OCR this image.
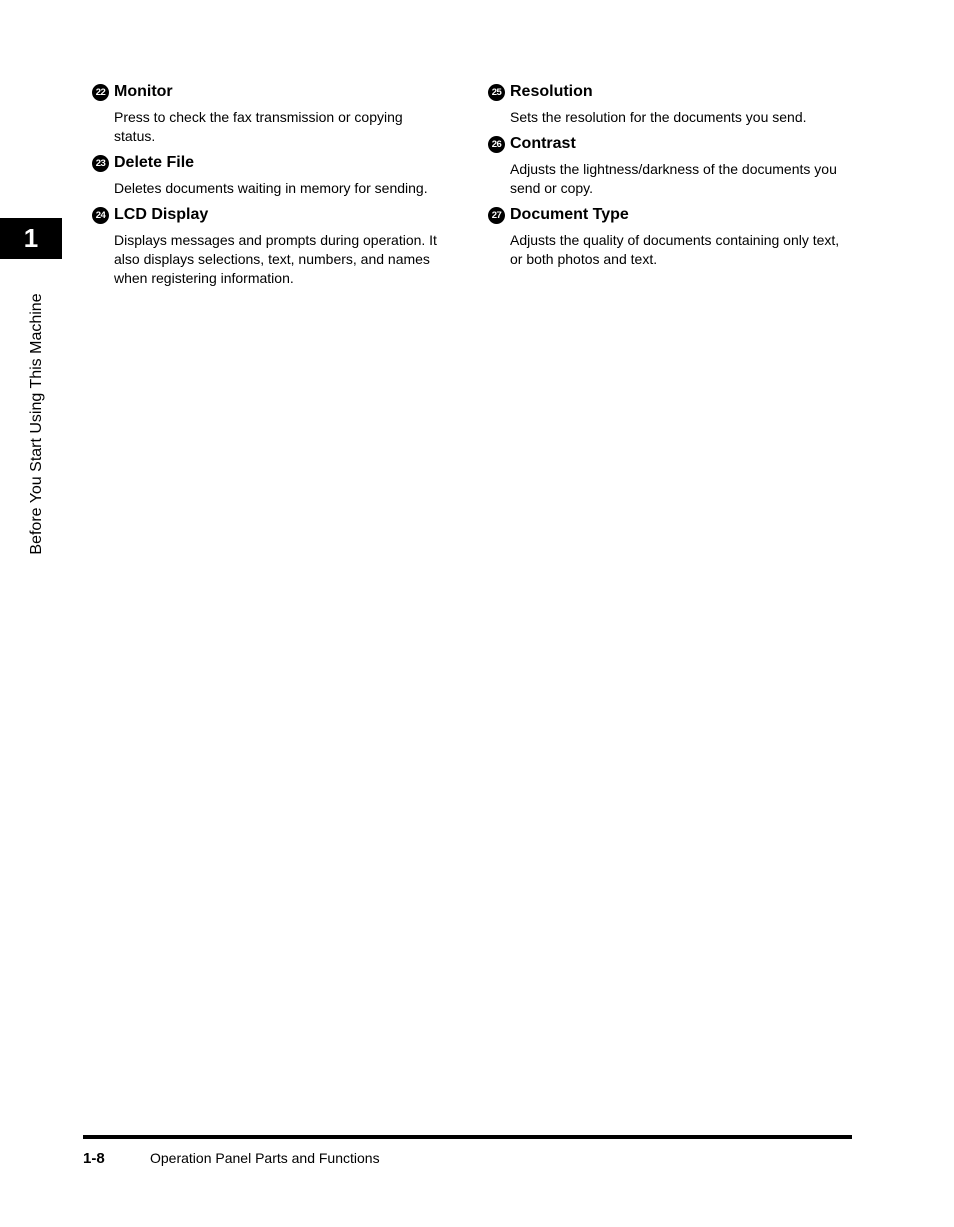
1
Before You Start Using This Machine
22 Monitor
Press to check the fax transmission or copying status.
23 Delete File
Deletes documents waiting in memory for sending.
24 LCD Display
Displays messages and prompts during operation. It also displays selections, text, numbers, and names when registering information.
25 Resolution
Sets the resolution for the documents you send.
26 Contrast
Adjusts the lightness/darkness of the documents you send or copy.
27 Document Type
Adjusts the quality of documents containing only text, or both photos and text.
1-8	Operation Panel Parts and Functions
